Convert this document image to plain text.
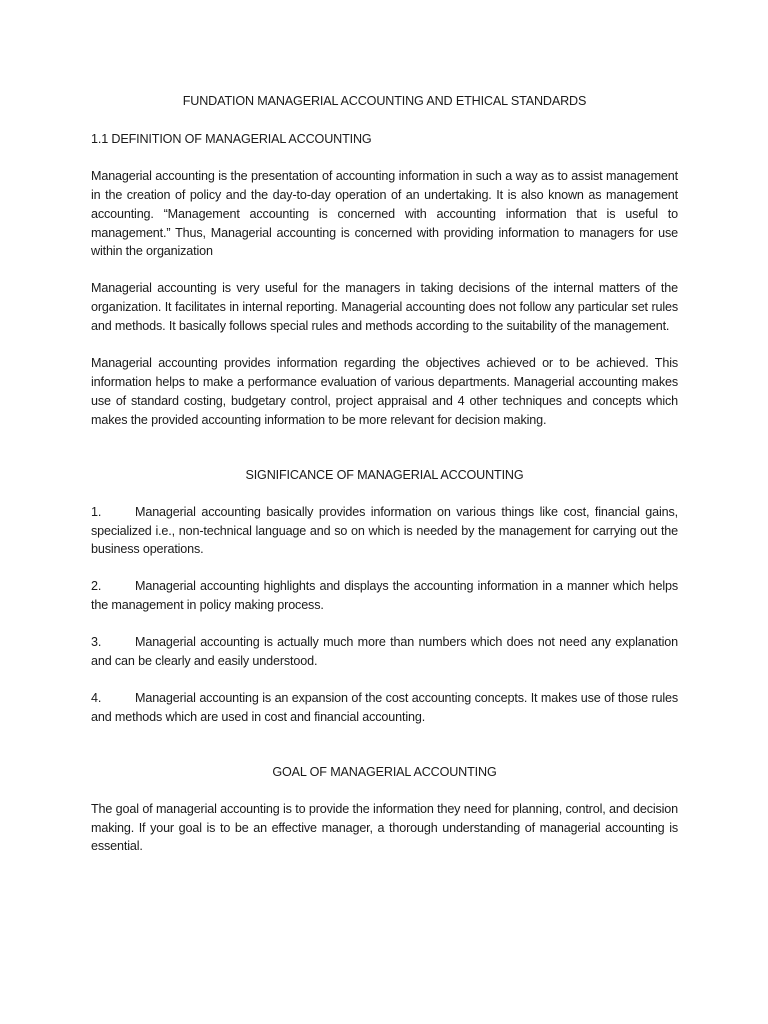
FUNDATION MANAGERIAL ACCOUNTING AND ETHICAL STANDARDS
1.1 DEFINITION OF MANAGERIAL ACCOUNTING

Managerial accounting is the presentation of accounting information in such a way as to assist management in the creation of policy and the day-to-day operation of an undertaking. It is also known as management accounting. “Management accounting is concerned with accounting information that is useful to management.” Thus, Managerial accounting is concerned with providing information to managers for use within the organization

Managerial accounting is very useful for the managers in taking decisions of the internal matters of the organization. It facilitates in internal reporting. Managerial accounting does not follow any particular set rules and methods. It basically follows special rules and methods according to the suitability of the management.

Managerial accounting provides information regarding the objectives achieved or to be achieved. This information helps to make a performance evaluation of various departments. Managerial accounting makes use of standard costing, budgetary control, project appraisal and 4 other techniques and concepts which makes the provided accounting information to be more relevant for decision making.

SIGNIFICANCE OF MANAGERIAL ACCOUNTING
1.	Managerial accounting basically provides information on various things like cost, financial gains, specialized i.e., non-technical language and so on which is needed by the management for carrying out the business operations.
2.	Managerial accounting highlights and displays the accounting information in a manner which helps the management in policy making process.
3.	Managerial accounting is actually much more than numbers which does not need any explanation and can be clearly and easily understood.
4.	Managerial accounting is an expansion of the cost accounting concepts. It makes use of those rules and methods which are used in cost and financial accounting.
GOAL OF MANAGERIAL ACCOUNTING

The goal of managerial accounting is to provide the information they need for planning, control, and decision making. If your goal is to be an effective manager, a thorough understanding of managerial accounting is essential.
